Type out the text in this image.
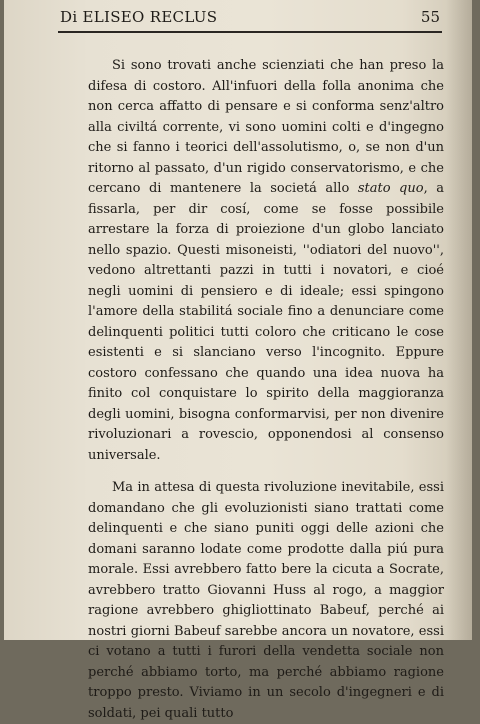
Di ELISEO RECLUS	55

Si sono trovati anche scienziati che han preso la difesa di costoro. All'infuori della folla anonima che non cerca affatto di pensare e si conforma senz'altro alla civiltá corrente, vi sono uomini colti e d'ingegno che si fanno i teorici dell'assolutismo, o, se non d'un ritorno al passato, d'un rigido conservatorismo, e che cercano di mantenere la societá allo stato quo, a fissarla, per dir cosí, come se fosse possibile arrestare la forza di proiezione d'un globo lanciato nello spazio. Questi misoneisti, ''odiatori del nuovo'', vedono altrettanti pazzi in tutti i novatori, e cioé negli uomini di pensiero e di ideale; essi spingono l'amore della stabilitá sociale fino a denunciare come delinquenti politici tutti coloro che criticano le cose esistenti e si slanciano verso l'incognito. Eppure costoro confessano che quando una idea nuova ha finito col conquistare lo spirito della maggioranza degli uomini, bisogna conformarvisi, per non divenire rivoluzionari a rovescio, opponendosi al consenso universale.

Ma in attesa di questa rivoluzione inevitabile, essi domandano che gli evoluzionisti siano trattati come delinquenti e che siano puniti oggi delle azioni che domani saranno lodate come prodotte dalla piú pura morale. Essi avrebbero fatto bere la cicuta a Socrate, avrebbero tratto Giovanni Huss al rogo, a maggior ragione avrebbero ghigliottinato Babeuf, perché ai nostri giorni Babeuf sarebbe ancora un novatore, essi ci votano a tutti i furori della vendetta sociale non perché abbiamo torto, ma perché abbiamo ragione troppo presto. Viviamo in un secolo d'ingegneri e di soldati, pei quali tutto
